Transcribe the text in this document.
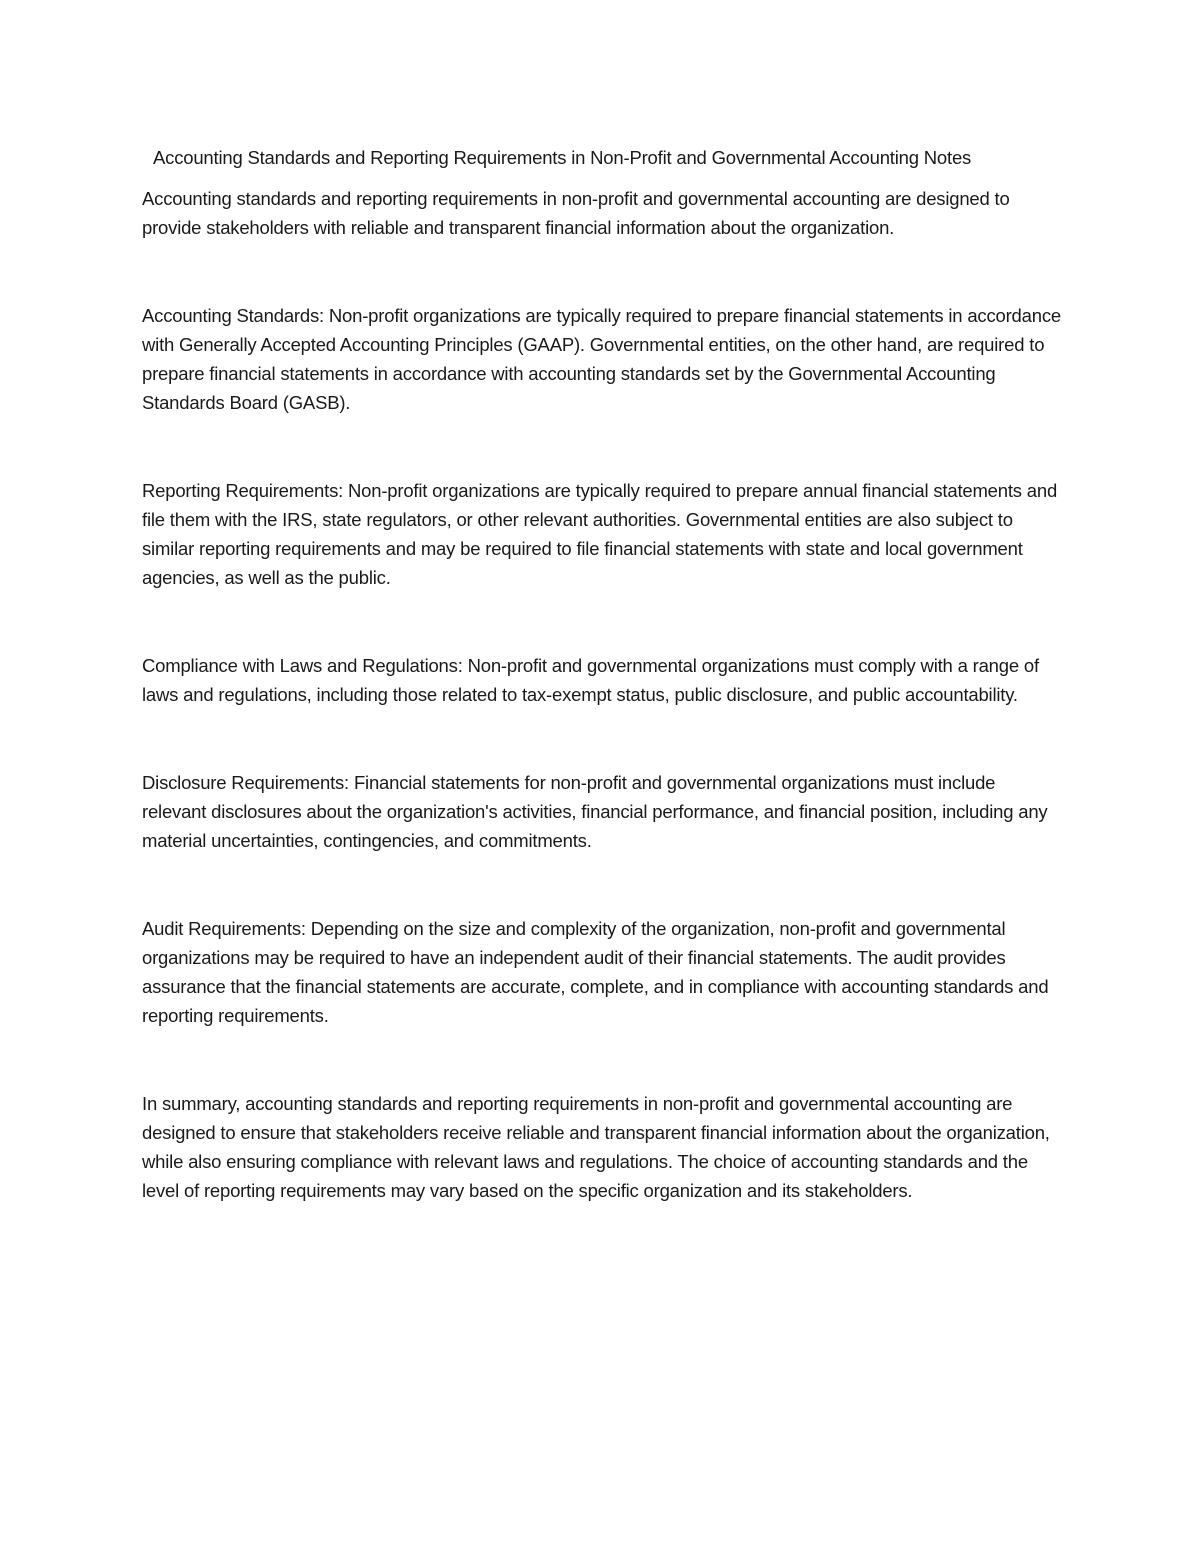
Accounting Standards and Reporting Requirements in Non-Profit and Governmental Accounting Notes

Accounting standards and reporting requirements in non-profit and governmental accounting are designed to provide stakeholders with reliable and transparent financial information about the organization.

Accounting Standards: Non-profit organizations are typically required to prepare financial statements in accordance with Generally Accepted Accounting Principles (GAAP). Governmental entities, on the other hand, are required to prepare financial statements in accordance with accounting standards set by the Governmental Accounting Standards Board (GASB).

Reporting Requirements: Non-profit organizations are typically required to prepare annual financial statements and file them with the IRS, state regulators, or other relevant authorities. Governmental entities are also subject to similar reporting requirements and may be required to file financial statements with state and local government agencies, as well as the public.

Compliance with Laws and Regulations: Non-profit and governmental organizations must comply with a range of laws and regulations, including those related to tax-exempt status, public disclosure, and public accountability.

Disclosure Requirements: Financial statements for non-profit and governmental organizations must include relevant disclosures about the organization's activities, financial performance, and financial position, including any material uncertainties, contingencies, and commitments.

Audit Requirements: Depending on the size and complexity of the organization, non-profit and governmental organizations may be required to have an independent audit of their financial statements. The audit provides assurance that the financial statements are accurate, complete, and in compliance with accounting standards and reporting requirements.

In summary, accounting standards and reporting requirements in non-profit and governmental accounting are designed to ensure that stakeholders receive reliable and transparent financial information about the organization, while also ensuring compliance with relevant laws and regulations. The choice of accounting standards and the level of reporting requirements may vary based on the specific organization and its stakeholders.
